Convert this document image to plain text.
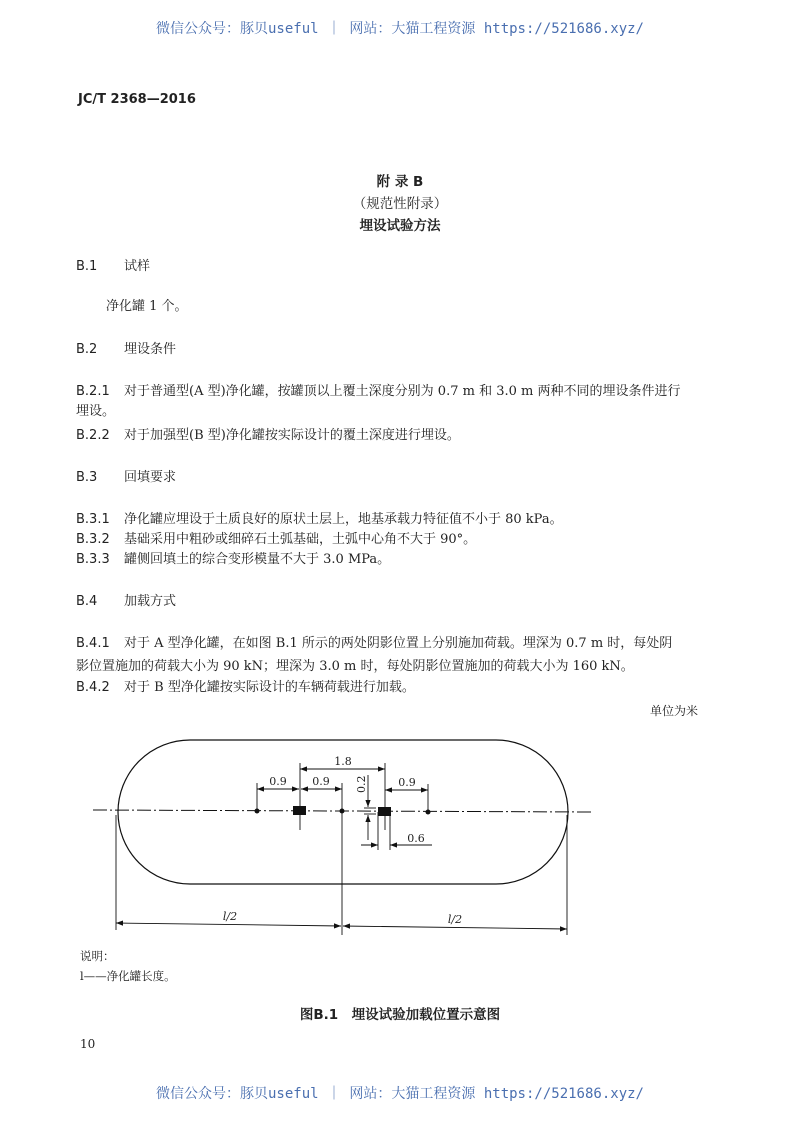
微信公众号：豚贝useful ｜ 网站：大猫工程资源 https://521686.xyz/
JC/T 2368—2016
附 录 B
（规范性附录）
埋设试验方法
B.1 试样
净化罐 1 个。
B.2 埋设条件
B.2.1 对于普通型(A 型)净化罐，按罐顶以上覆土深度分别为 0.7 m 和 3.0 m 两种不同的埋设条件进行
埋设。
B.2.2 对于加强型(B 型)净化罐按实际设计的覆土深度进行埋设。
B.3 回填要求
B.3.1 净化罐应埋设于土质良好的原状土层上，地基承载力特征值不小于 80 kPa。
B.3.2 基础采用中粗砂或细碎石土弧基础，土弧中心角不大于 90°。
B.3.3 罐侧回填土的综合变形模量不大于 3.0 MPa。
B.4 加载方式
B.4.1 对于 A 型净化罐，在如图 B.1 所示的两处阴影位置上分别施加荷载。埋深为 0.7 m 时，每处阴
影位置施加的荷载大小为 90 kN；埋深为 3.0 m 时，每处阴影位置施加的荷载大小为 160 kN。
B.4.2 对于 B 型净化罐按实际设计的车辆荷载进行加载。
单位为米
1.8
0.9 0.9	0.9
0.2
0.6
l/2	l/2
说明：
l——净化罐长度。
图B.1　埋设试验加载位置示意图
10
微信公众号：豚贝useful ｜ 网站：大猫工程资源 https://521686.xyz/
